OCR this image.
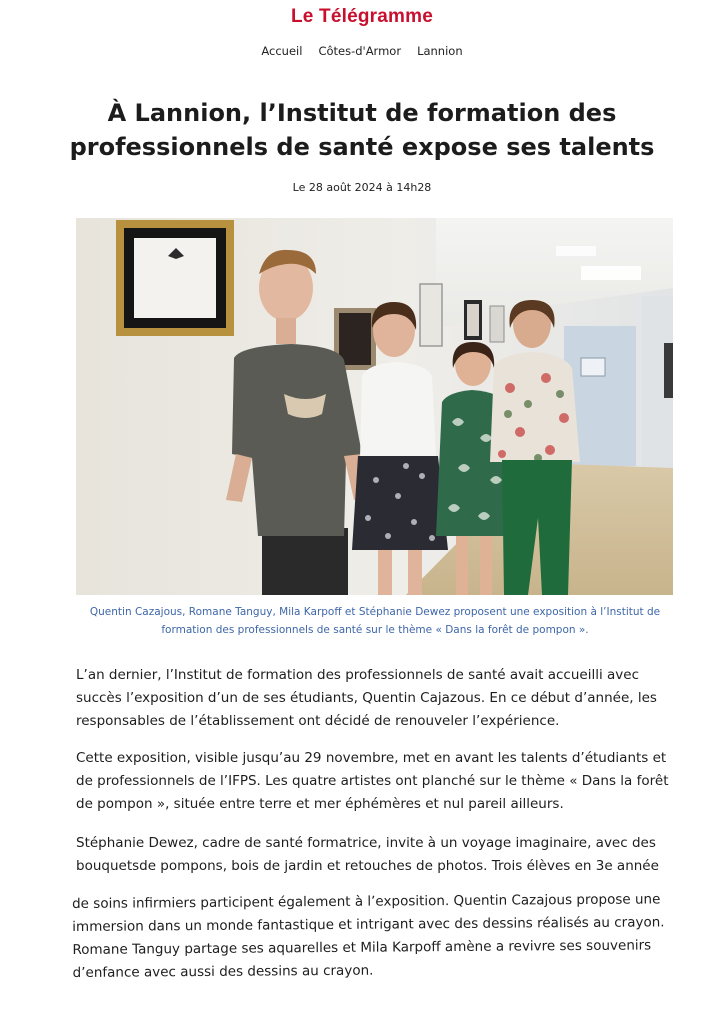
Le Télégramme
Accueil Côtes-d'Armor Lannion
À Lannion, l’Institut de formation des professionnels de santé expose ses talents
Le 28 août 2024 à 14h28

Quentin Cazajous, Romane Tanguy, Mila Karpoff et Stéphanie Dewez proposent une exposition à l’Institut de formation des professionnels de santé sur le thème « Dans la forêt de pompon ».

L’an dernier, l’Institut de formation des professionnels de santé avait accueilli avec succès l’exposition d’un de ses étudiants, Quentin Cajazous. En ce début d’année, les responsables de l’établissement ont décidé de renouveler l’expérience.

Cette exposition, visible jusqu’au 29 novembre, met en avant les talents d’étudiants et de professionnels de l’IFPS. Les quatre artistes ont planché sur le thème « Dans la forêt de pompon », située entre terre et mer éphémères et nul pareil ailleurs.

Stéphanie Dewez, cadre de santé formatrice, invite à un voyage imaginaire, avec des bouquetsde pompons, bois de jardin et retouches de photos. Trois élèves en 3e année

de soins infirmiers participent également à l’exposition. Quentin Cazajous propose une immersion dans un monde fantastique et intrigant avec des dessins réalisés au crayon. Romane Tanguy partage ses aquarelles et Mila Karpoff amène a revivre ses souvenirs d’enfance avec aussi des dessins au crayon.
